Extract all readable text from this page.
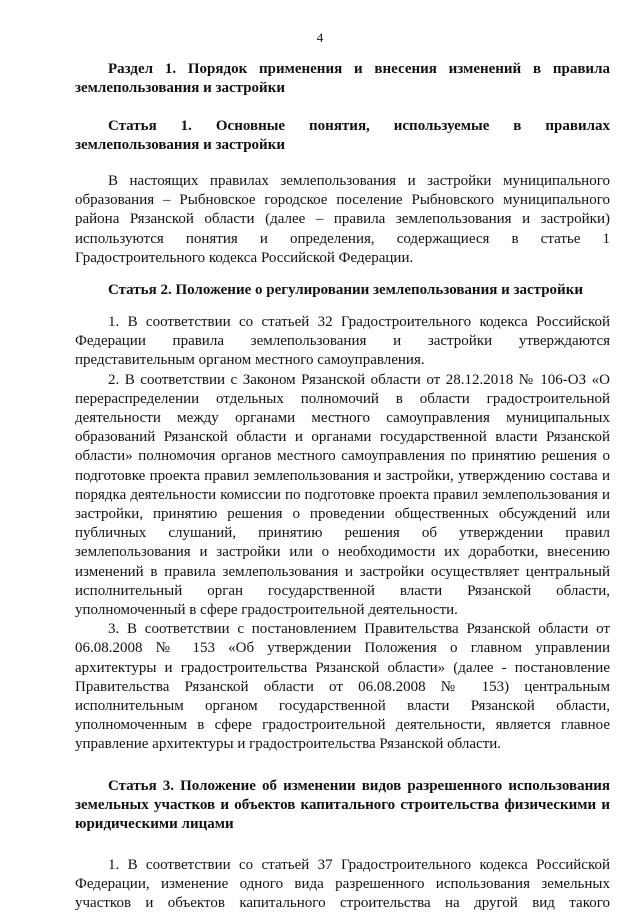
4

Раздел 1. Порядок применения и внесения изменений в правила землепользования и застройки

Статья 1. Основные понятия, используемые в правилах землепользования и застройки

В настоящих правилах землепользования и застройки муниципального образования – Рыбновское городское поселение Рыбновского муниципального района Рязанской области (далее – правила землепользования и застройки) используются понятия и определения, содержащиеся в статье 1 Градостроительного кодекса Российской Федерации.

Статья 2. Положение о регулировании землепользования и застройки

1. В соответствии со статьей 32 Градостроительного кодекса Российской Федерации правила землепользования и застройки утверждаются представительным органом местного самоуправления.

2. В соответствии с Законом Рязанской области от 28.12.2018 № 106-ОЗ «О перераспределении отдельных полномочий в области градостроительной деятельности между органами местного самоуправления муниципальных образований Рязанской области и органами государственной власти Рязанской области» полномочия органов местного самоуправления по принятию решения о подготовке проекта правил землепользования и застройки, утверждению состава и порядка деятельности комиссии по подготовке проекта правил землепользования и застройки, принятию решения о проведении общественных обсуждений или публичных слушаний, принятию решения об утверждении правил землепользования и застройки или о необходимости их доработки, внесению изменений в правила землепользования и застройки осуществляет центральный исполнительный орган государственной власти Рязанской области, уполномоченный в сфере градостроительной деятельности.

3. В соответствии с постановлением Правительства Рязанской области от 06.08.2008 № 153 «Об утверждении Положения о главном управлении архитектуры и градостроительства Рязанской области» (далее - постановление Правительства Рязанской области от 06.08.2008 № 153) центральным исполнительным органом государственной власти Рязанской области, уполномоченным в сфере градостроительной деятельности, является главное управление архитектуры и градостроительства Рязанской области.

Статья 3. Положение об изменении видов разрешенного использования земельных участков и объектов капитального строительства физическими и юридическими лицами

1. В соответствии со статьей 37 Градостроительного кодекса Российской Федерации, изменение одного вида разрешенного использования земельных участков и объектов капитального строительства на другой вид такого
